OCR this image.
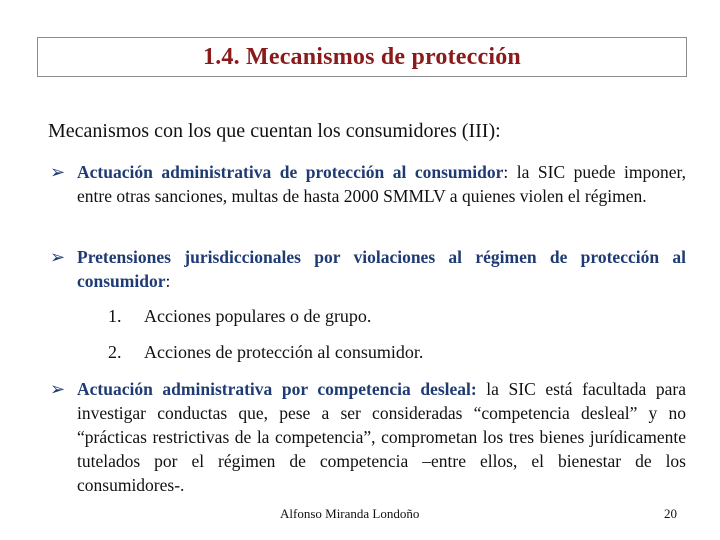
1.4. Mecanismos de protección
Mecanismos con los que cuentan los consumidores (III):
➢ Actuación administrativa de protección al consumidor: la SIC puede imponer, entre otras sanciones, multas de hasta 2000 SMMLV a quienes violen el régimen.
➢ Pretensiones jurisdiccionales por violaciones al régimen de protección al consumidor:
1. Acciones populares o de grupo.
2. Acciones de protección al consumidor.
➢ Actuación administrativa por competencia desleal: la SIC está facultada para investigar conductas que, pese a ser consideradas “competencia desleal” y no “prácticas restrictivas de la competencia”, comprometan los tres bienes jurídicamente tutelados por el régimen de competencia –entre ellos, el bienestar de los consumidores-.
Alfonso Miranda Londoño	20
